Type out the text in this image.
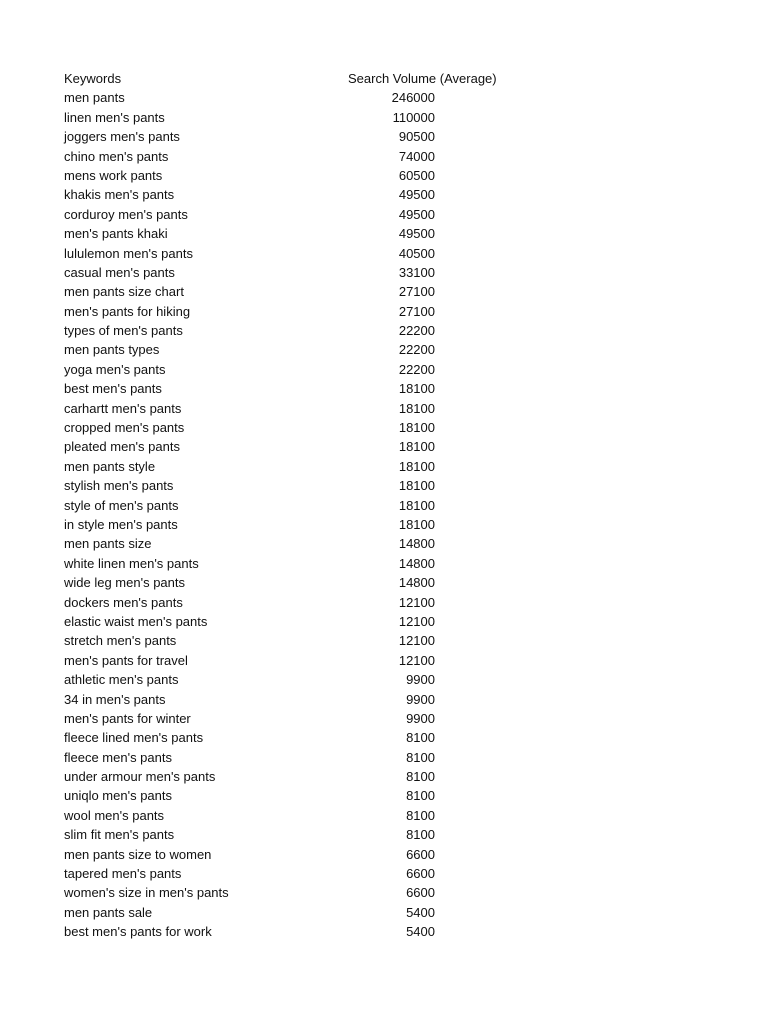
Keywords	Search Volume (Average)
men pants	246000
linen men's pants	110000
joggers men's pants	90500
chino men's pants	74000
mens work pants	60500
khakis men's pants	49500
corduroy men's pants	49500
men's pants khaki	49500
lululemon men's pants	40500
casual men's pants	33100
men pants size chart	27100
men's pants for hiking	27100
types of men's pants	22200
men pants types	22200
yoga men's pants	22200
best men's pants	18100
carhartt men's pants	18100
cropped men's pants	18100
pleated men's pants	18100
men pants style	18100
stylish men's pants	18100
style of men's pants	18100
in style men's pants	18100
men pants size	14800
white linen men's pants	14800
wide leg men's pants	14800
dockers men's pants	12100
elastic waist men's pants	12100
stretch men's pants	12100
men's pants for travel	12100
athletic men's pants	9900
34 in men's pants	9900
men's pants for winter	9900
fleece lined men's pants	8100
fleece men's pants	8100
under armour men's pants	8100
uniqlo men's pants	8100
wool men's pants	8100
slim fit men's pants	8100
men pants size to women	6600
tapered men's pants	6600
women's size in men's pants	6600
men pants sale	5400
best men's pants for work	5400
